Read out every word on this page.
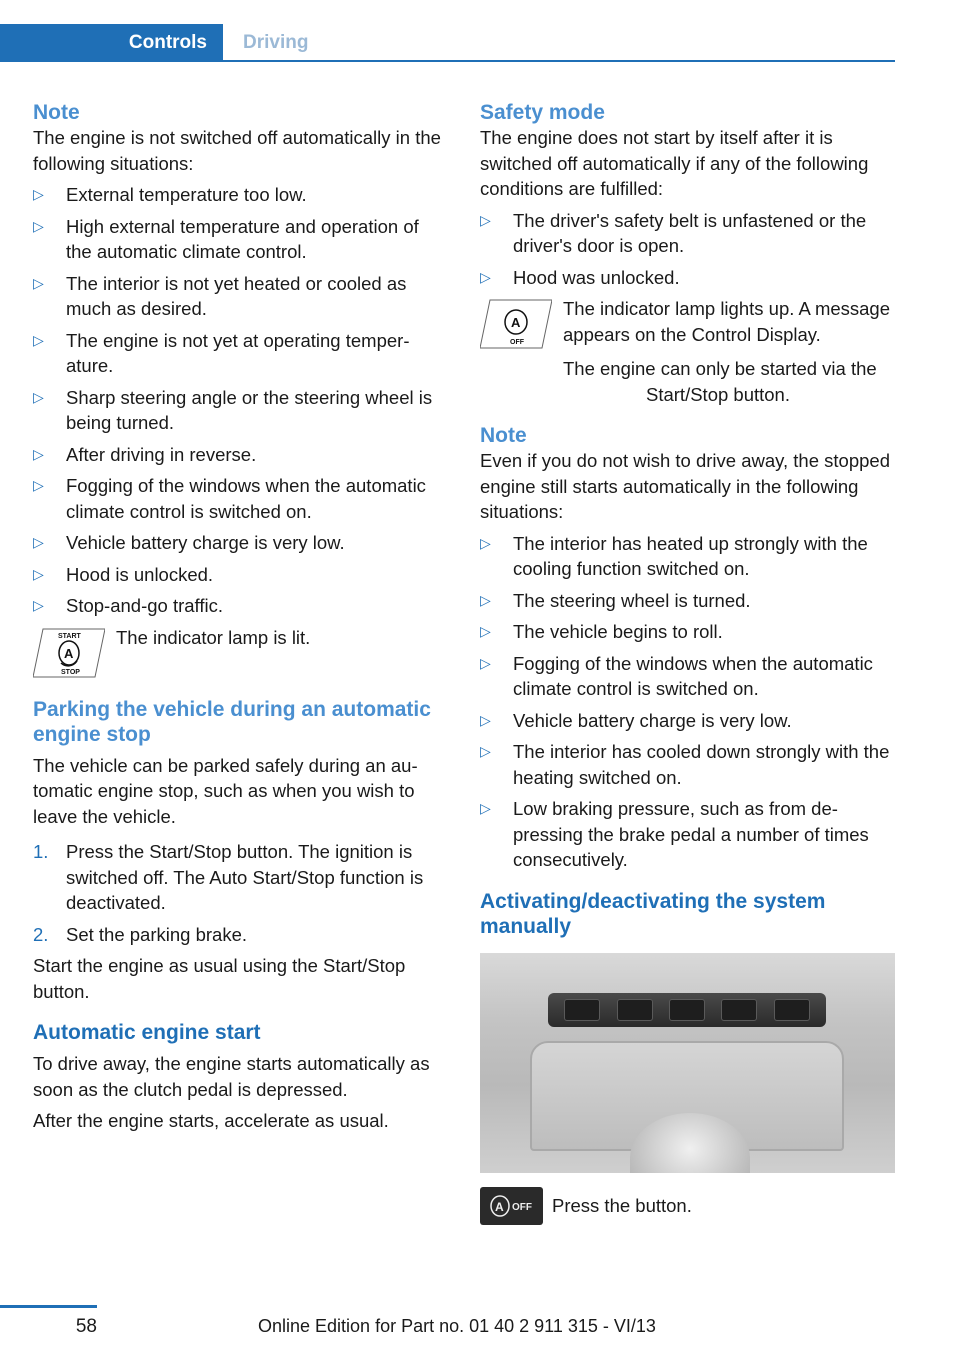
Controls	Driving
Note

The engine is not switched off automatically in the following situations:

▷ External temperature too low.
▷ High external temperature and operation of the automatic climate control.
▷ The interior is not yet heated or cooled as much as desired.
▷ The engine is not yet at operating temperature.
▷ Sharp steering angle or the steering wheel is being turned.
▷ After driving in reverse.
▷ Fogging of the windows when the automatic climate control is switched on.
▷ Vehicle battery charge is very low.
▷ Hood is unlocked.
▷ Stop-and-go traffic.
START
A
STOP

The indicator lamp is lit.

Parking the vehicle during an automatic engine stop

The vehicle can be parked safely during an automatic engine stop, such as when you wish to leave the vehicle.

1. Press the Start/Stop button. The ignition is switched off. The Auto Start/Stop function is deactivated.
2. Set the parking brake.

Start the engine as usual using the Start/Stop button.

Automatic engine start

To drive away, the engine starts automatically as soon as the clutch pedal is depressed.

After the engine starts, accelerate as usual.

Safety mode

The engine does not start by itself after it is switched off automatically if any of the following conditions are fulfilled:

▷ The driver's safety belt is unfastened or the driver's door is open.
▷ Hood was unlocked.
A
OFF

The indicator lamp lights up. A message appears on the Control Display.

The engine can only be started via the Start/Stop button.

Note

Even if you do not wish to drive away, the stopped engine still starts automatically in the following situations:

▷ The interior has heated up strongly with the cooling function switched on.
▷ The steering wheel is turned.
▷ The vehicle begins to roll.
▷ Fogging of the windows when the automatic climate control is switched on.
▷ Vehicle battery charge is very low.
▷ The interior has cooled down strongly with the heating switched on.
▷ Low braking pressure, such as from depressing the brake pedal a number of times consecutively.
Activating/deactivating the system manually
A OFF Press the button.

58	Online Edition for Part no. 01 40 2 911 315 - VI/13
